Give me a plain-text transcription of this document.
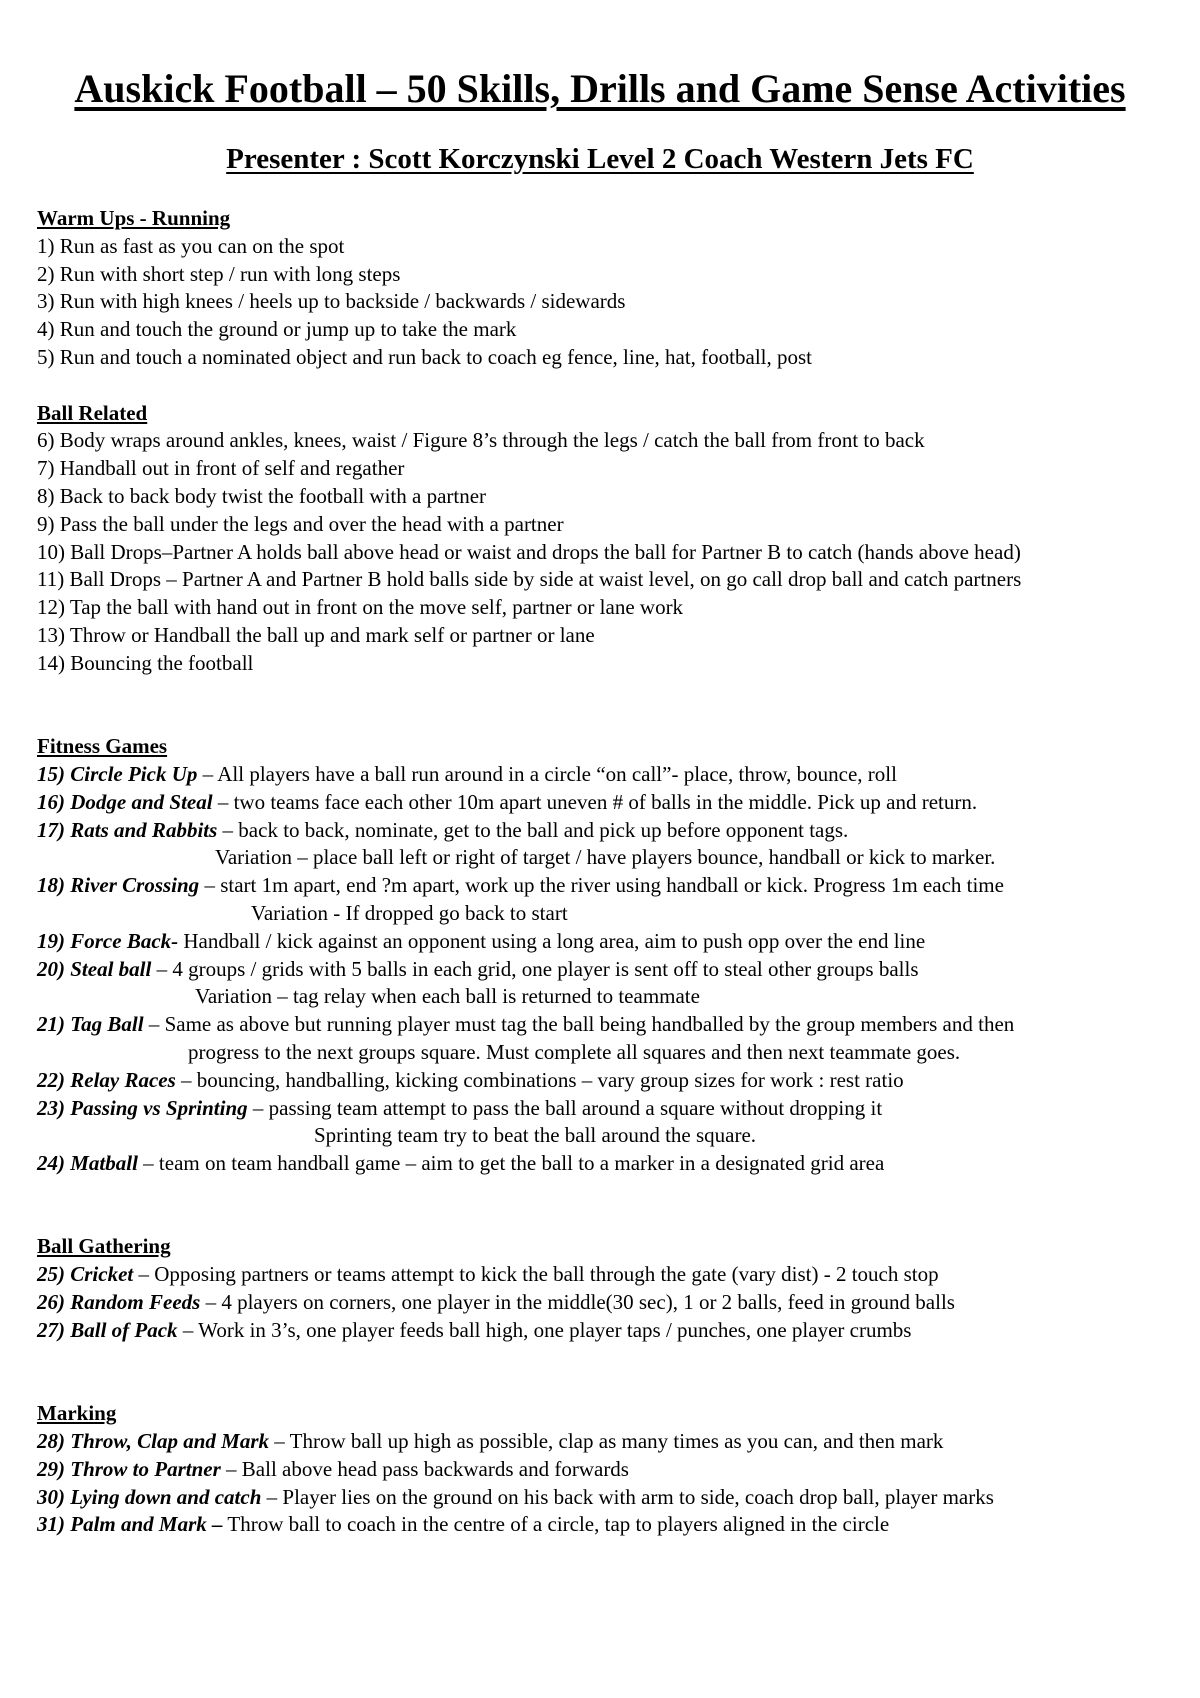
Auskick Football – 50 Skills, Drills and Game Sense Activities
Presenter : Scott Korczynski Level 2 Coach Western Jets FC
Warm Ups - Running
1) Run as fast as you can on the spot
2) Run with short step / run with long steps
3) Run with high knees / heels up to backside / backwards / sidewards
4) Run and touch the ground or jump up to take the mark
5) Run and touch a nominated object and run back to coach eg fence, line, hat, football, post
Ball Related
6) Body wraps around ankles, knees, waist / Figure 8’s through the legs / catch the ball from front to back
7) Handball out in front of self and regather
8) Back to back body twist the football with a partner
9) Pass the ball under the legs and over the head with a partner
10) Ball Drops–Partner A holds ball above head or waist and drops the ball for Partner B to catch (hands above head)
11) Ball Drops – Partner A and Partner B hold balls side by side at waist level, on go call drop ball and catch partners
12) Tap the ball with hand out in front on the move self, partner or lane work
13) Throw or Handball the ball up and mark self or partner or lane
14) Bouncing the football
Fitness Games
15) Circle Pick Up – All players have a ball run around in a circle “on call”- place, throw, bounce, roll
16) Dodge and Steal – two teams face each other 10m apart uneven # of balls in the middle. Pick up and return.
17) Rats and Rabbits – back to back, nominate, get to the ball and pick up before opponent tags.
Variation – place ball left or right of target / have players bounce, handball or kick to marker.
18) River Crossing – start 1m apart, end ?m apart, work up the river using handball or kick. Progress 1m each time
Variation - If dropped go back to start
19) Force Back- Handball / kick against an opponent using a long area, aim to push opp over the end line
20) Steal ball – 4 groups / grids with 5 balls in each grid, one player is sent off to steal other groups balls
Variation – tag relay when each ball is returned to teammate
21) Tag Ball – Same as above but running player must tag the ball being handballed by the group members and then
progress to the next groups square. Must complete all squares and then next teammate goes.
22) Relay Races – bouncing, handballing, kicking combinations – vary group sizes for work : rest ratio
23) Passing vs Sprinting – passing team attempt to pass the ball around a square without dropping it
Sprinting team try to beat the ball around the square.
24) Matball – team on team handball game – aim to get the ball to a marker in a designated grid area
Ball Gathering
25) Cricket – Opposing partners or teams attempt to kick the ball through the gate (vary dist) - 2 touch stop
26) Random Feeds – 4 players on corners, one player in the middle(30 sec), 1 or 2 balls, feed in ground balls
27) Ball of Pack – Work in 3’s, one player feeds ball high, one player taps / punches, one player crumbs
Marking
28) Throw, Clap and Mark – Throw ball up high as possible, clap as many times as you can, and then mark
29) Throw to Partner – Ball above head pass backwards and forwards
30) Lying down and catch – Player lies on the ground on his back with arm to side, coach drop ball, player marks
31) Palm and Mark – Throw ball to coach in the centre of a circle, tap to players aligned in the circle
